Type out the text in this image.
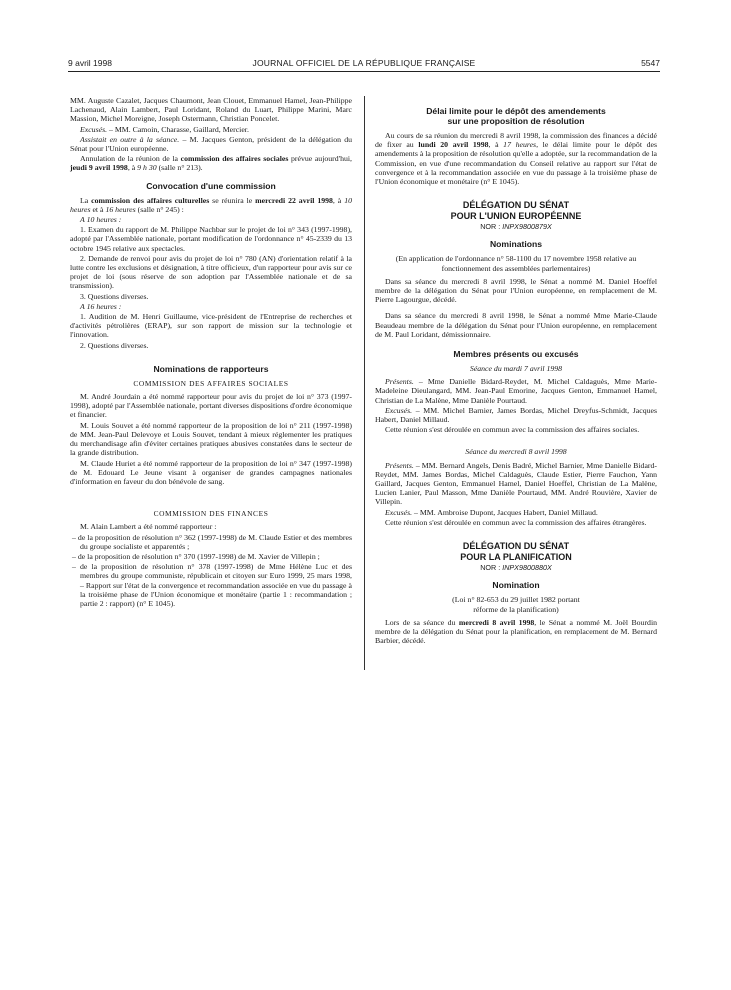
9 avril 1998	JOURNAL OFFICIEL DE LA RÉPUBLIQUE FRANÇAISE	5547

MM. Auguste Cazalet, Jacques Chaumont, Jean Clouet, Emmanuel Hamel, Jean-Philippe Lachenaud, Alain Lambert, Paul Loridant, Roland du Luart, Philippe Marini, Marc Massion, Michel Moreigne, Joseph Ostermann, Christian Poncelet.

Excusés. – MM. Camoin, Charasse, Gaillard, Mercier.

Assistait en outre à la séance. – M. Jacques Genton, président de la délégation du Sénat pour l'Union européenne.

Annulation de la réunion de la commission des affaires sociales prévue aujourd'hui, jeudi 9 avril 1998, à 9 h 30 (salle n° 213).

Convocation d'une commission

La commission des affaires culturelles se réunira le mercredi 22 avril 1998, à 10 heures et à 16 heures (salle n° 245) :

A 10 heures :

1. Examen du rapport de M. Philippe Nachbar sur le projet de loi n° 343 (1997-1998), adopté par l'Assemblée nationale, portant modification de l'ordonnance n° 45-2339 du 13 octobre 1945 relative aux spectacles.

2. Demande de renvoi pour avis du projet de loi n° 780 (AN) d'orientation relatif à la lutte contre les exclusions et désignation, à titre officieux, d'un rapporteur pour avis sur ce projet de loi (sous réserve de son adoption par l'Assemblée nationale et de sa transmission).

3. Questions diverses.

A 16 heures :

1. Audition de M. Henri Guillaume, vice-président de l'Entreprise de recherches et d'activités pétrolières (ERAP), sur son rapport de mission sur la technologie et l'innovation.

2. Questions diverses.

Nominations de rapporteurs
COMMISSION DES AFFAIRES SOCIALES

M. André Jourdain a été nommé rapporteur pour avis du projet de loi n° 373 (1997-1998), adopté par l'Assemblée nationale, portant diverses dispositions d'ordre économique et financier.

M. Louis Souvet a été nommé rapporteur de la proposition de loi n° 211 (1997-1998) de MM. Jean-Paul Delevoye et Louis Souvet, tendant à mieux réglementer les pratiques du merchandisage afin d'éviter certaines pratiques abusives constatées dans le secteur de la grande distribution.

M. Claude Huriet a été nommé rapporteur de la proposition de loi n° 347 (1997-1998) de M. Edouard Le Jeune visant à organiser de grandes campagnes nationales d'information en faveur du don bénévole de sang.

COMMISSION DES FINANCES

M. Alain Lambert a été nommé rapporteur :

– de la proposition de résolution n° 362 (1997-1998) de M. Claude Estier et des membres du groupe socialiste et apparentés ;

– de la proposition de résolution n° 370 (1997-1998) de M. Xavier de Villepin ;

– de la proposition de résolution n° 378 (1997-1998) de Mme Hélène Luc et des membres du groupe communiste, républicain et citoyen sur Euro 1999, 25 mars 1998, – Rapport sur l'état de la convergence et recommandation associée en vue du passage à la troisième phase de l'Union économique et monétaire (partie 1 : recommandation ; partie 2 : rapport) (n° E 1045).

Délai limite pour le dépôt des amendements
sur une proposition de résolution

Au cours de sa réunion du mercredi 8 avril 1998, la commission des finances a décidé de fixer au lundi 20 avril 1998, à 17 heures, le délai limite pour le dépôt des amendements à la proposition de résolution qu'elle a adoptée, sur la recommandation de la Commission, en vue d'une recommandation du Conseil relative au rapport sur l'état de convergence et à la recommandation associée en vue du passage à la troisième phase de l'Union économique et monétaire (n° E 1045).

DÉLÉGATION DU SÉNAT
POUR L'UNION EUROPÉENNE
NOR : INPX9800879X
Nominations

(En application de l'ordonnance n° 58-1100 du 17 novembre 1958 relative au fonctionnement des assemblées parlementaires)

Dans sa séance du mercredi 8 avril 1998, le Sénat a nommé M. Daniel Hoeffel membre de la délégation du Sénat pour l'Union européenne, en remplacement de M. Pierre Lagourgue, décédé.

Dans sa séance du mercredi 8 avril 1998, le Sénat a nommé Mme Marie-Claude Beaudeau membre de la délégation du Sénat pour l'Union européenne, en remplacement de M. Paul Loridant, démissionnaire.

Membres présents ou excusés

Séance du mardi 7 avril 1998

Présents. – Mme Danielle Bidard-Reydet, M. Michel Caldaguès, Mme Marie-Madeleine Dieulangard, MM. Jean-Paul Emorine, Jacques Genton, Emmanuel Hamel, Christian de La Malène, Mme Danièle Pourtaud.

Excusés. – MM. Michel Barnier, James Bordas, Michel Dreyfus-Schmidt, Jacques Habert, Daniel Millaud.

Cette réunion s'est déroulée en commun avec la commission des affaires sociales.

Séance du mercredi 8 avril 1998

Présents. – MM. Bernard Angels, Denis Badré, Michel Barnier, Mme Danielle Bidard-Reydet, MM. James Bordas, Michel Caldaguès, Claude Estier, Pierre Fauchon, Yann Gaillard, Jacques Genton, Emmanuel Hamel, Daniel Hoeffel, Christian de La Malène, Lucien Lanier, Paul Masson, Mme Danièle Pourtaud, MM. André Rouvière, Xavier de Villepin.

Excusés. – MM. Ambroise Dupont, Jacques Habert, Daniel Millaud.

Cette réunion s'est déroulée en commun avec la commission des affaires étrangères.

DÉLÉGATION DU SÉNAT
POUR LA PLANIFICATION
NOR : INPX9800880X
Nomination

(Loi n° 82-653 du 29 juillet 1982 portant
réforme de la planification)

Lors de sa séance du mercredi 8 avril 1998, le Sénat a nommé M. Joël Bourdin membre de la délégation du Sénat pour la planification, en remplacement de M. Bernard Barbier, décédé.
